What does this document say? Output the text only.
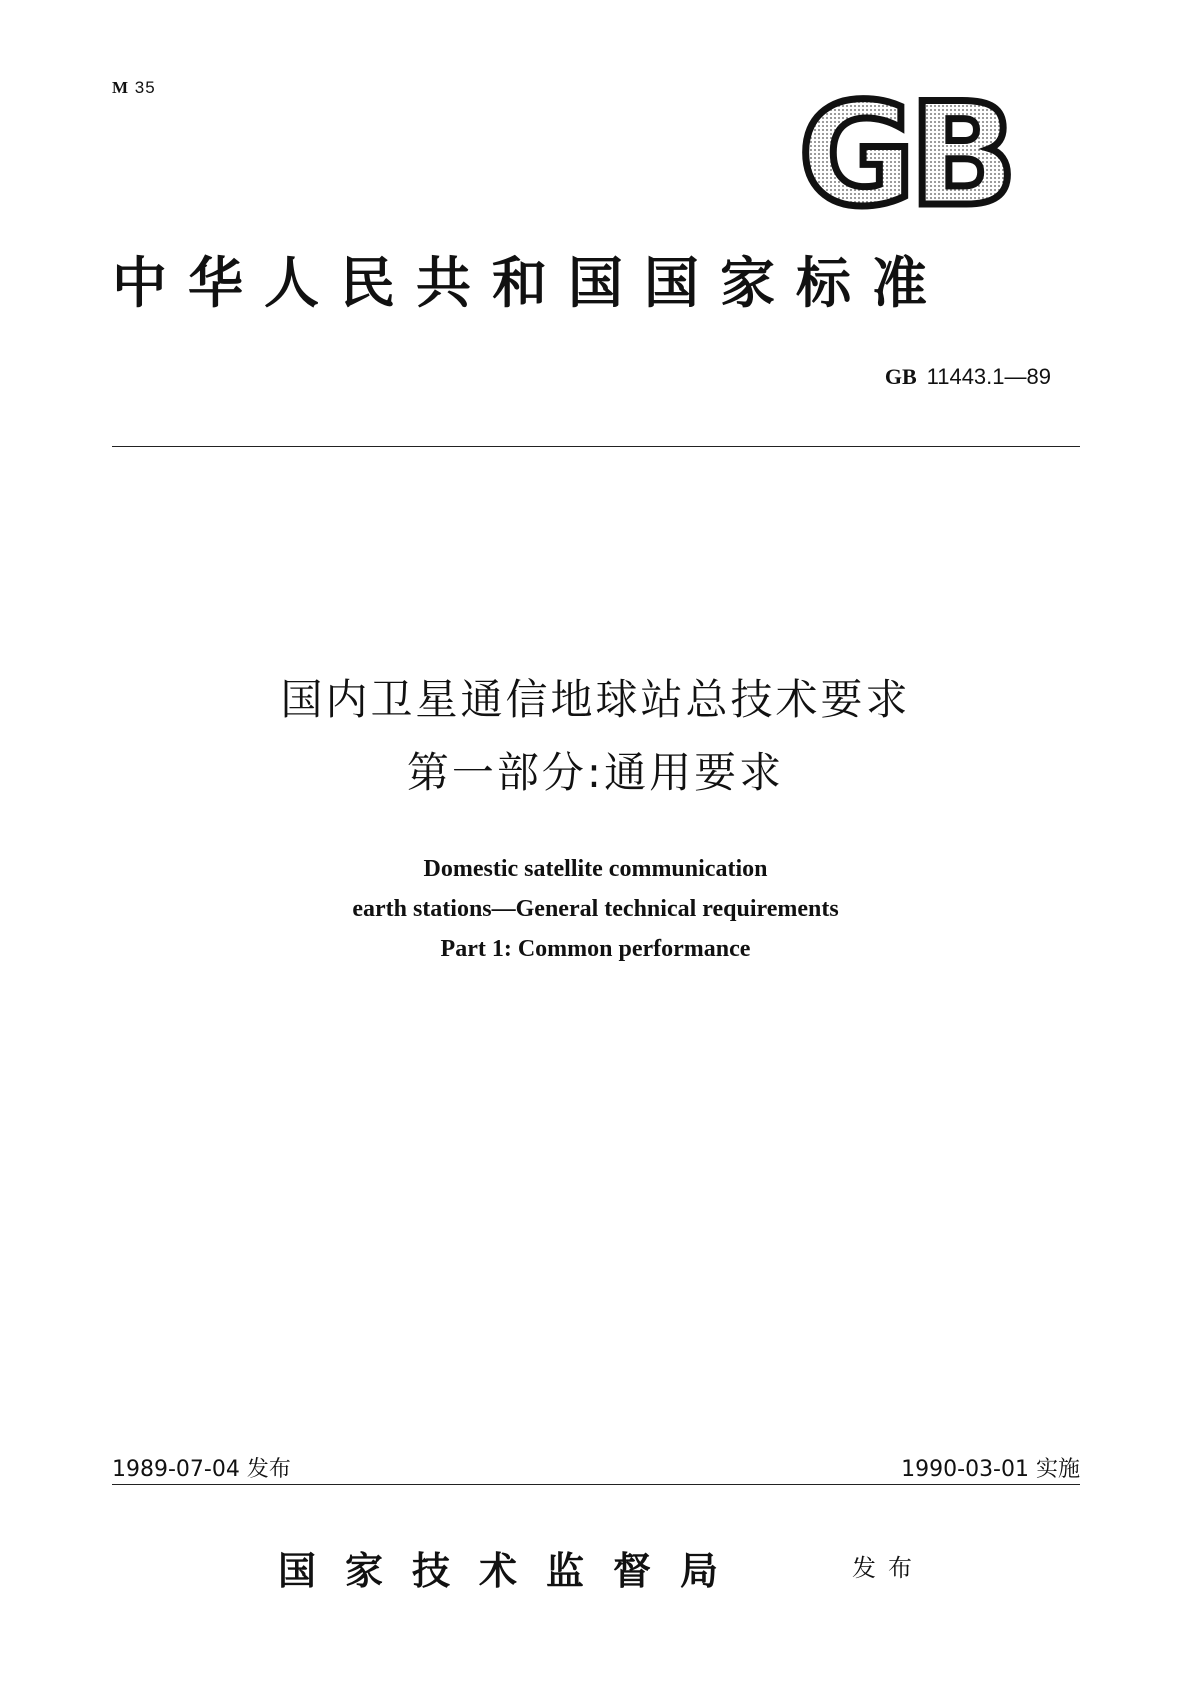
M 35	GB
中华人民共和国国家标准
GB 11443.1—89
国内卫星通信地球站总技术要求
第一部分:通用要求
Domestic satellite communication
earth stations—General technical requirements
Part 1: Common performance
1989-07-04 发布	1990-03-01 实施
国家技术监督局	发布
